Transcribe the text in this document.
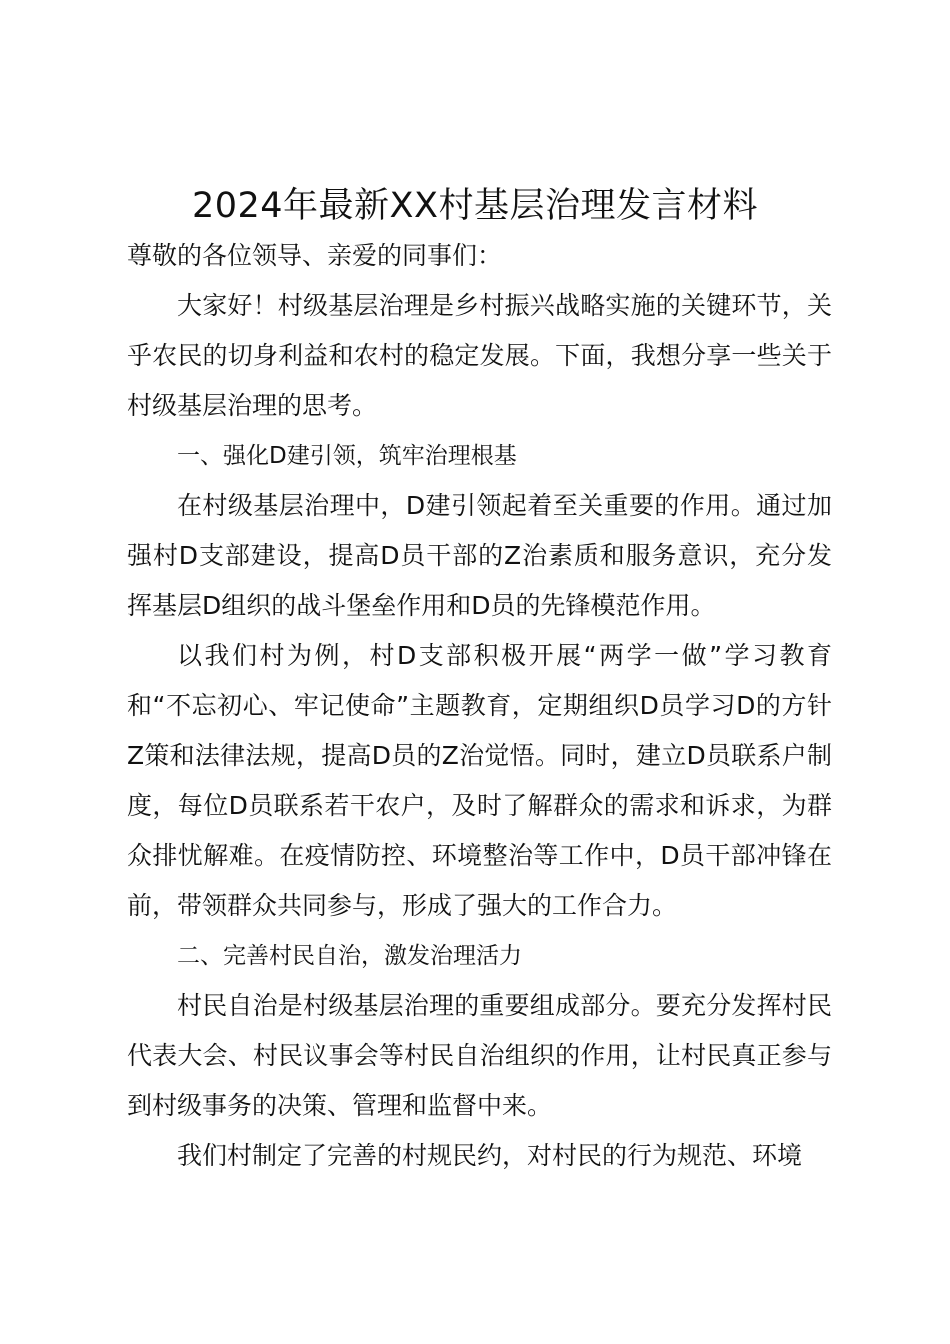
2024年最新XX村基层治理发言材料

尊敬的各位领导、亲爱的同事们：

大家好！村级基层治理是乡村振兴战略实施的关键环节，关乎农民的切身利益和农村的稳定发展。下面，我想分享一些关于村级基层治理的思考。

一、强化D建引领，筑牢治理根基

在村级基层治理中，D建引领起着至关重要的作用。通过加强村D支部建设，提高D员干部的Z治素质和服务意识，充分发挥基层D组织的战斗堡垒作用和D员的先锋模范作用。

以我们村为例，村D支部积极开展“两学一做”学习教育和“不忘初心、牢记使命”主题教育，定期组织D员学习D的方针Z策和法律法规，提高D员的Z治觉悟。同时，建立D员联系户制度，每位D员联系若干农户，及时了解群众的需求和诉求，为群众排忧解难。在疫情防控、环境整治等工作中，D员干部冲锋在前，带领群众共同参与，形成了强大的工作合力。

二、完善村民自治，激发治理活力

村民自治是村级基层治理的重要组成部分。要充分发挥村民代表大会、村民议事会等村民自治组织的作用，让村民真正参与到村级事务的决策、管理和监督中来。

我们村制定了完善的村规民约，对村民的行为规范、环境
